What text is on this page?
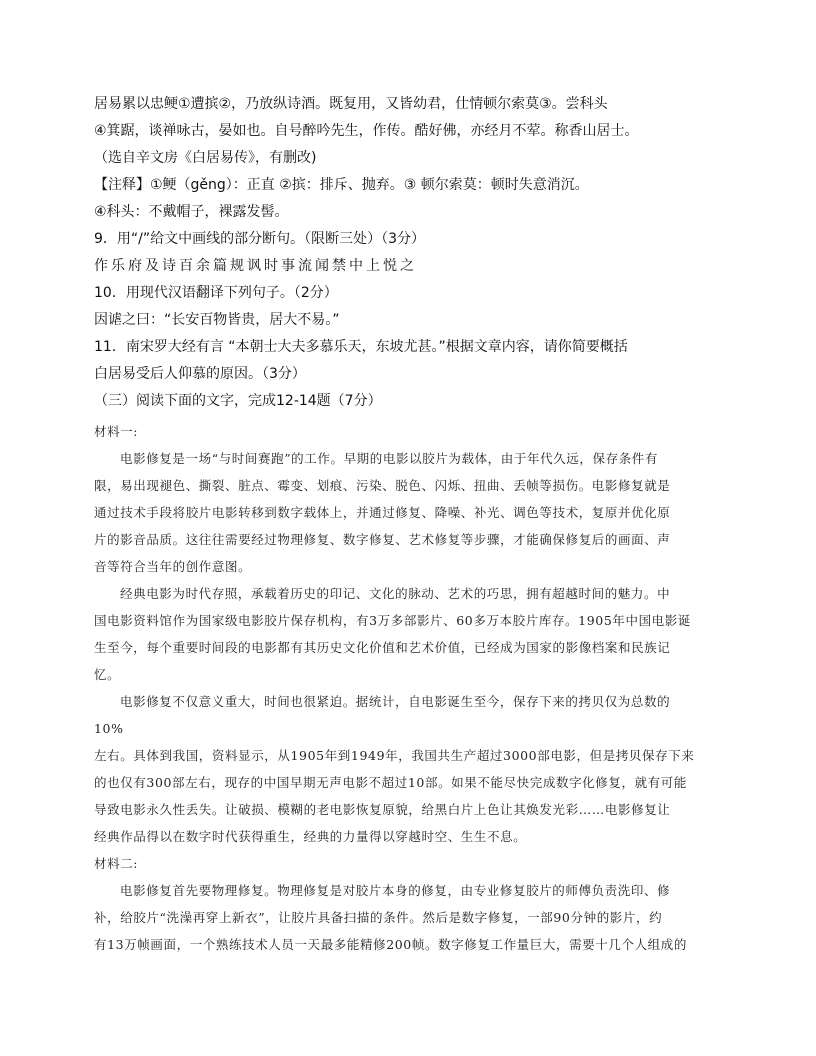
居易累以忠鲠①遭摈②，乃放纵诗酒。既复用，又皆幼君，仕情顿尔索莫③。尝科头
④箕踞，谈禅咏古，晏如也。自号醉吟先生，作传。酷好佛，亦经月不荤。称香山居士。
（选自辛文房《白居易传》，有删改)
【注释】①鲠（gěng）：正直 ②摈：排斥、抛弃。③ 顿尔索莫：顿时失意消沉。
④科头：不戴帽子，裸露发髻。
9．用“/”给文中画线的部分断句。（限断三处）（3分）
作乐府及诗百余篇规讽时事流闻禁中上悦之
10．用现代汉语翻译下列句子。（2分）
因谑之曰：“长安百物皆贵，居大不易。”
11．南宋罗大经有言 “本朝士大夫多慕乐天，东坡尤甚。”根据文章内容，请你简要概括
白居易受后人仰慕的原因。（3分）
（三）阅读下面的文字，完成12-14题（7分）
材料一:
电影修复是一场“与时间赛跑”的工作。早期的电影以胶片为载体，由于年代久远，保存条件有
限，易出现褪色、撕裂、脏点、霉变、划痕、污染、脱色、闪烁、扭曲、丢帧等损伤。电影修复就是
通过技术手段将胶片电影转移到数字载体上，并通过修复、降噪、补光、调色等技术，复原并优化原
片的影音品质。这往往需要经过物理修复、数字修复、艺术修复等步骤，才能确保修复后的画面、声
音等符合当年的创作意图。
经典电影为时代存照，承载着历史的印记、文化的脉动、艺术的巧思，拥有超越时间的魅力。中
国电影资料馆作为国家级电影胶片保存机构，有3万多部影片、60多万本胶片库存。1905年中国电影诞
生至今，每个重要时间段的电影都有其历史文化价值和艺术价值，已经成为国家的影像档案和民族记
忆。
电影修复不仅意义重大，时间也很紧迫。据统计，自电影诞生至今，保存下来的拷贝仅为总数的
10%
左右。具体到我国，资料显示，从1905年到1949年，我国共生产超过3000部电影，但是拷贝保存下来
的也仅有300部左右，现存的中国早期无声电影不超过10部。如果不能尽快完成数字化修复，就有可能
导致电影永久性丢失。让破损、模糊的老电影恢复原貌，给黑白片上色让其焕发光彩……电影修复让
经典作品得以在数字时代获得重生，经典的力量得以穿越时空、生生不息。
材料二:
电影修复首先要物理修复。物理修复是对胶片本身的修复，由专业修复胶片的师傅负责洗印、修
补，给胶片“洗澡再穿上新衣”，让胶片具备扫描的条件。然后是数字修复，一部90分钟的影片，约
有13万帧画面，一个熟练技术人员一天最多能精修200帧。数字修复工作量巨大，需要十几个人组成的
